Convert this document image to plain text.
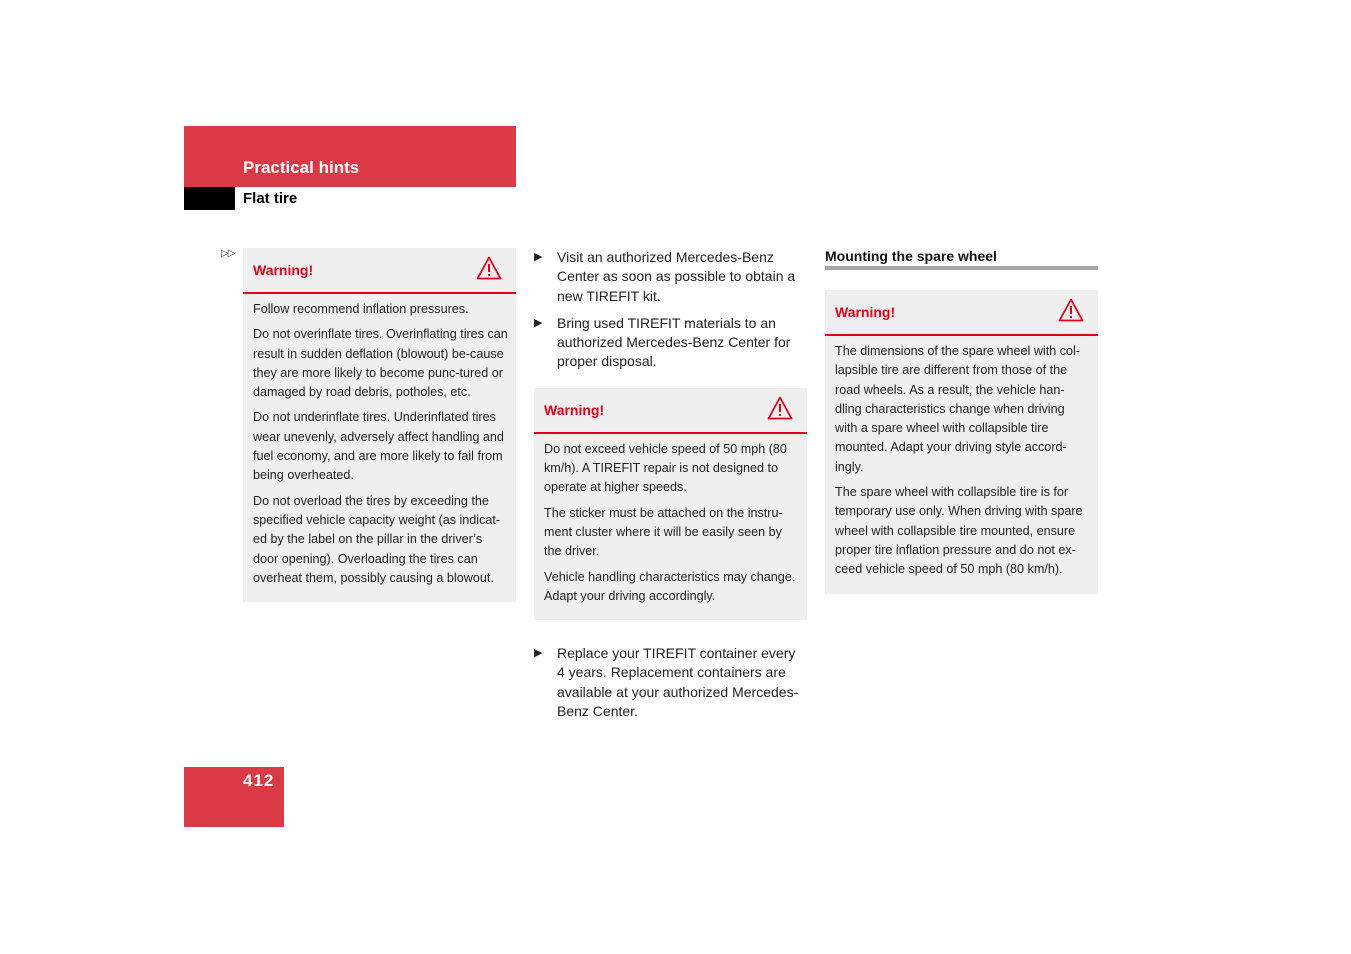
Practical hints
Flat tire
▷▷
Warning!

Follow recommend inflation pressures.

Do not overinflate tires. Overinflating tires can result in sudden deflation (blowout) be-cause they are more likely to become punc-tured or damaged by road debris, potholes, etc.

Do not underinflate tires. Underinflated tires wear unevenly, adversely affect handling and fuel economy, and are more likely to fail from being overheated.

Do not overload the tires by exceeding the specified vehicle capacity weight (as indicat-ed by the label on the pillar in the driver’s door opening). Overloading the tires can overheat them, possibly causing a blowout.

▶ Visit an authorized Mercedes-Benz Center as soon as possible to obtain a new TIREFIT kit.
▶ Bring used TIREFIT materials to an authorized Mercedes-Benz Center for proper disposal.
Warning!

Do not exceed vehicle speed of 50 mph (80 km/h). A TIREFIT repair is not designed to operate at higher speeds.

The sticker must be attached on the instru-ment cluster where it will be easily seen by the driver.

Vehicle handling characteristics may change. Adapt your driving accordingly.

▶ Replace your TIREFIT container every 4 years. Replacement containers are available at your authorized Mercedes-Benz Center.
Mounting the spare wheel
Warning!

The dimensions of the spare wheel with col-lapsible tire are different from those of the road wheels. As a result, the vehicle han-dling characteristics change when driving with a spare wheel with collapsible tire mounted. Adapt your driving style accord-ingly.

The spare wheel with collapsible tire is for temporary use only. When driving with spare wheel with collapsible tire mounted, ensure proper tire inflation pressure and do not ex-ceed vehicle speed of 50 mph (80 km/h).

412
